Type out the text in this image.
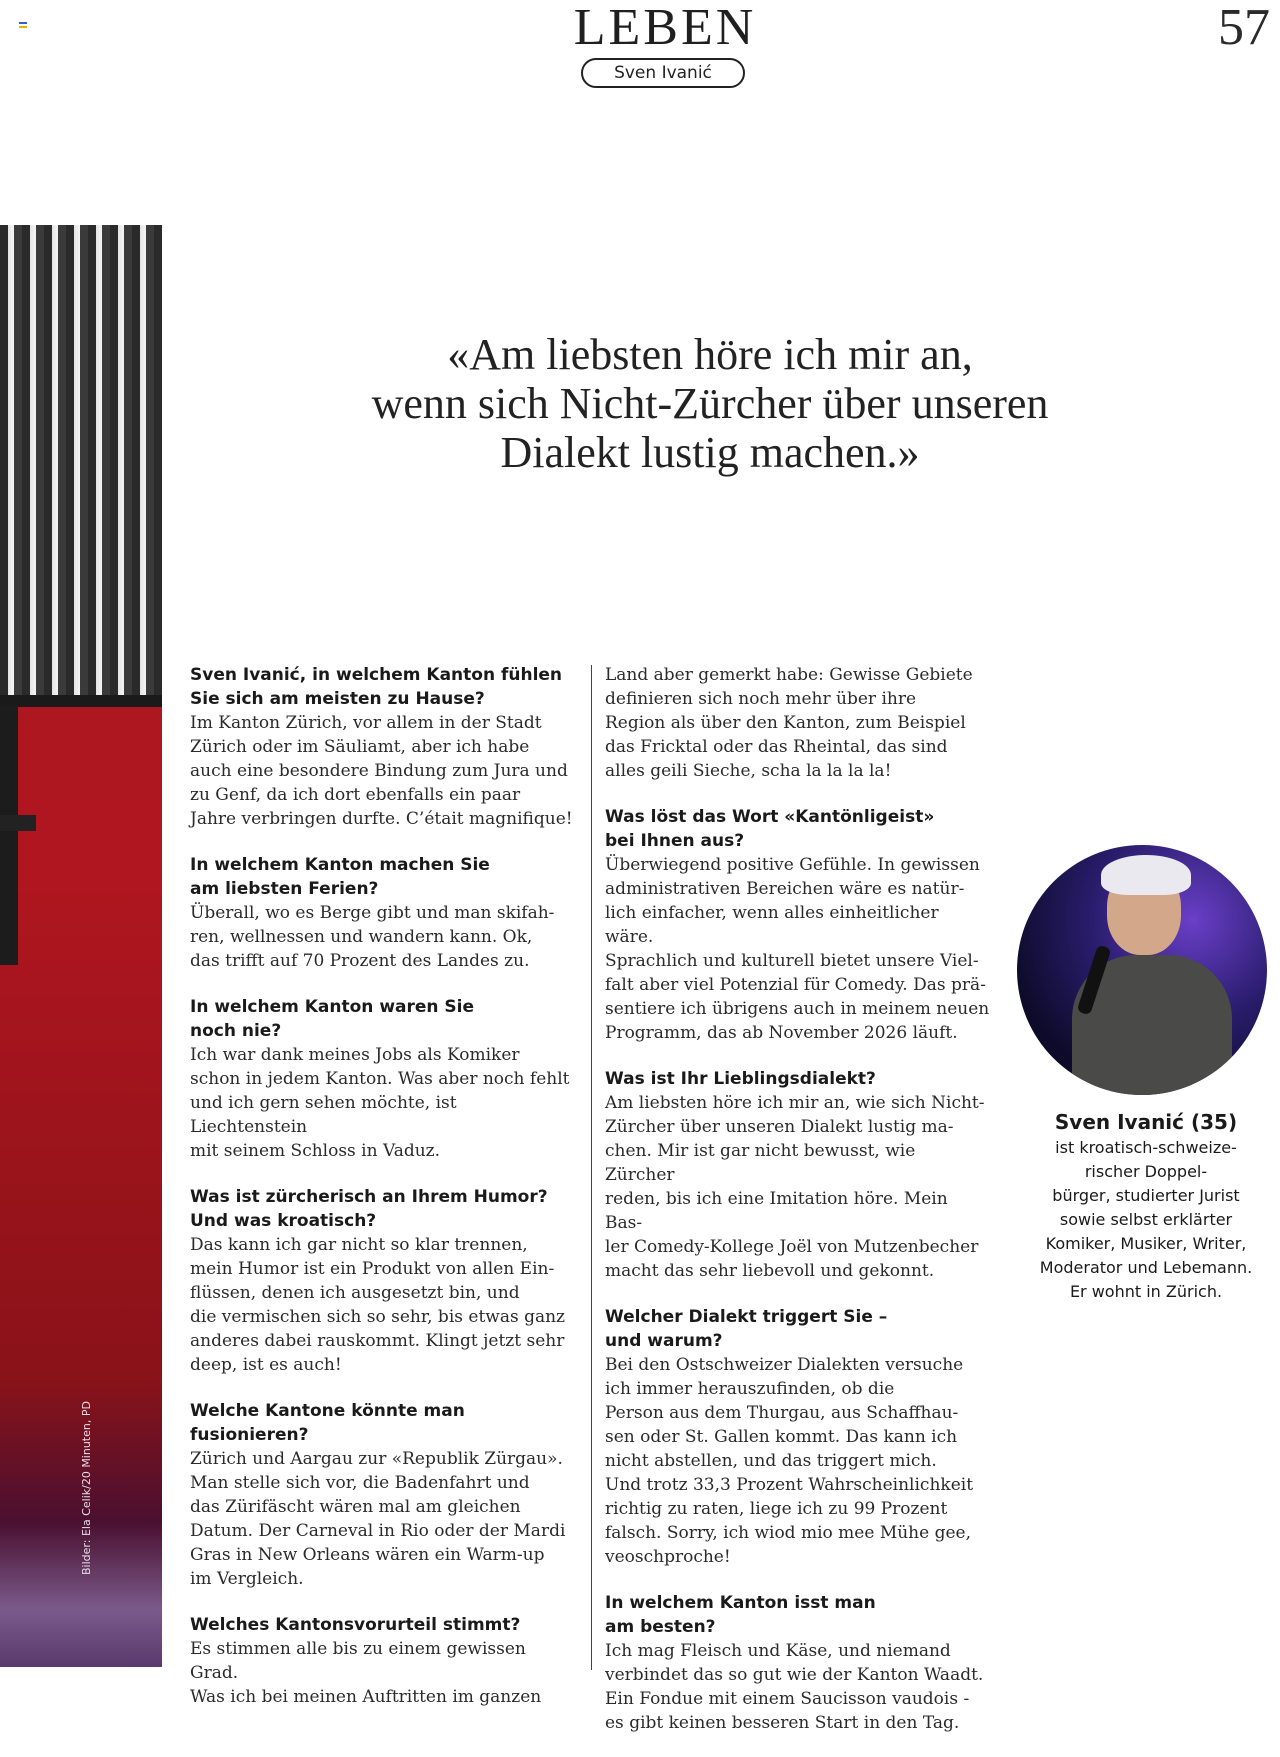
LEBEN
Sven Ivanić
57
Bilder: Ela Celik/20 Minuten, PD
«Am liebsten höre ich mir an,
wenn sich Nicht-Zürcher über unseren
Dialekt lustig machen.»
Sven Ivanić, in welchem Kanton fühlen
Sie sich am meisten zu Hause?
Im Kanton Zürich, vor allem in der Stadt
Zürich oder im Säuliamt, aber ich habe
auch eine besondere Bindung zum Jura und
zu Genf, da ich dort ebenfalls ein paar
Jahre verbringen durfte. C’était magnifique!
In welchem Kanton machen Sie
am liebsten Ferien?
Überall, wo es Berge gibt und man skifah-
ren, wellnessen und wandern kann. Ok,
das trifft auf 70 Prozent des Landes zu.
In welchem Kanton waren Sie
noch nie?
Ich war dank meines Jobs als Komiker
schon in jedem Kanton. Was aber noch fehlt
und ich gern sehen möchte, ist Liechtenstein
mit seinem Schloss in Vaduz.
Was ist zürcherisch an Ihrem Humor?
Und was kroatisch?
Das kann ich gar nicht so klar trennen,
mein Humor ist ein Produkt von allen Ein-
flüssen, denen ich ausgesetzt bin, und
die vermischen sich so sehr, bis etwas ganz
anderes dabei rauskommt. Klingt jetzt sehr
deep, ist es auch!
Welche Kantone könnte man
fusionieren?
Zürich und Aargau zur «Republik Zürgau».
Man stelle sich vor, die Badenfahrt und
das Zürifäscht wären mal am gleichen
Datum. Der Carneval in Rio oder der Mardi
Gras in New Orleans wären ein Warm-up
im Vergleich.
Welches Kantonsvorurteil stimmt?
Es stimmen alle bis zu einem gewissen Grad.
Was ich bei meinen Auftritten im ganzen
Land aber gemerkt habe: Gewisse Gebiete
definieren sich noch mehr über ihre
Region als über den Kanton, zum Beispiel
das Fricktal oder das Rheintal, das sind
alles geili Sieche, scha la la la la!
Was löst das Wort «Kantönligeist»
bei Ihnen aus?
Überwiegend positive Gefühle. In gewissen
administrativen Bereichen wäre es natür-
lich einfacher, wenn alles einheitlicher wäre.
Sprachlich und kulturell bietet unsere Viel-
falt aber viel Potenzial für Comedy. Das prä-
sentiere ich übrigens auch in meinem neuen
Programm, das ab November 2026 läuft.
Was ist Ihr Lieblingsdialekt?
Am liebsten höre ich mir an, wie sich Nicht-
Zürcher über unseren Dialekt lustig ma-
chen. Mir ist gar nicht bewusst, wie Zürcher
reden, bis ich eine Imitation höre. Mein Bas-
ler Comedy-Kollege Joël von Mutzenbecher
macht das sehr liebevoll und gekonnt.
Welcher Dialekt triggert Sie –
und warum?
Bei den Ostschweizer Dialekten versuche
ich immer herauszufinden, ob die
Person aus dem Thurgau, aus Schaffhau-
sen oder St. Gallen kommt. Das kann ich
nicht abstellen, und das triggert mich.
Und trotz 33,3 Prozent Wahrscheinlichkeit
richtig zu raten, liege ich zu 99 Prozent
falsch. Sorry, ich wiod mio mee Mühe gee,
veoschproche!
In welchem Kanton isst man
am besten?
Ich mag Fleisch und Käse, und niemand
verbindet das so gut wie der Kanton Waadt.
Ein Fondue mit einem Saucisson vaudois -
es gibt keinen besseren Start in den Tag.
Sven Ivanić (35)
ist kroatisch-schweize-
rischer Doppel-
bürger, studierter Jurist
sowie selbst erklärter
Komiker, Musiker, Writer,
Moderator und Lebemann.
Er wohnt in Zürich.
